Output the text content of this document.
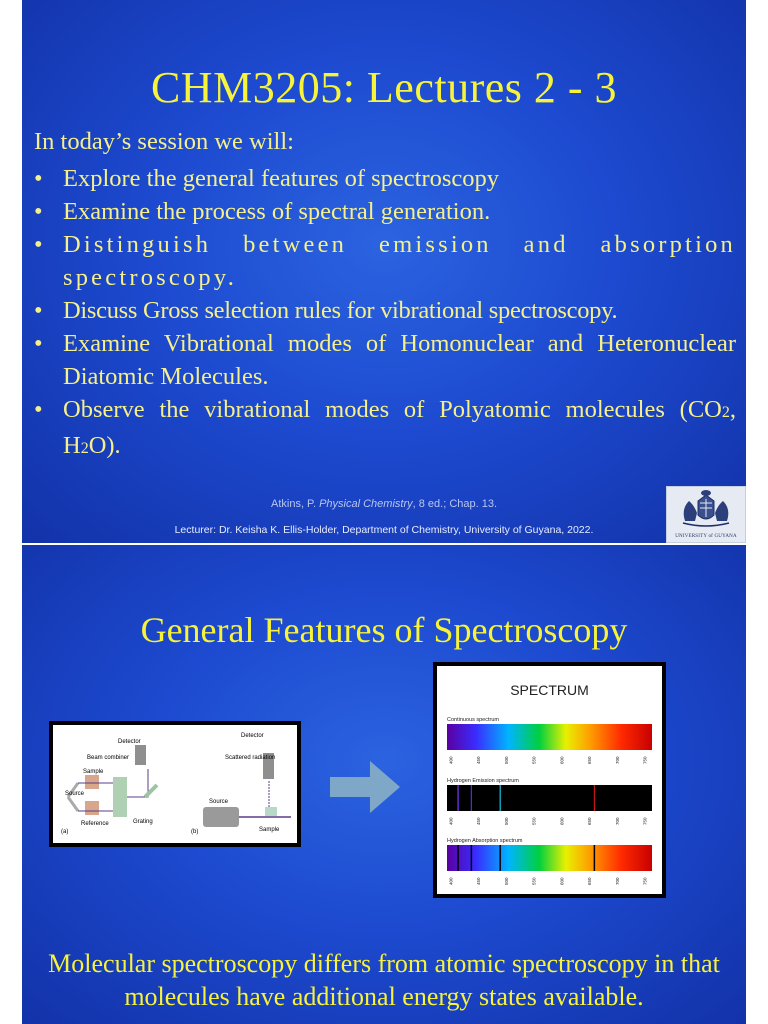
CHM3205: Lectures 2 - 3
In today’s session we will:
• Explore the general features of spectroscopy
• Examine the process of spectral generation.
• Distinguish between emission and absorption spectroscopy.
• Discuss Gross selection rules for vibrational spectroscopy.
• Examine Vibrational modes of Homonuclear and Heteronuclear Diatomic Molecules.
• Observe the vibrational modes of Polyatomic molecules (CO2, H2O).
Atkins, P. Physical Chemistry, 8 ed.; Chap. 13.
Lecturer: Dr. Keisha K. Ellis-Holder, Department of Chemistry, University of Guyana, 2022.
UNIVERSITY of GUYANA
General Features of Spectroscopy
Detector
Beam combiner
Sample
Source
Reference	Grating
(a)
Detector
Scattered radiation
Source
Sample
(b)
SPECTRUM
Continuous spectrum
400	450	500	550	600	650	700	750
Hydrogen Emission spectrum
400	450	500	550	600	650	700	750
Hydrogen Absorption spectrum
400	450	500	550	600	650	700	750
Molecular spectroscopy differs from atomic spectroscopy in that molecules have additional energy states available.
